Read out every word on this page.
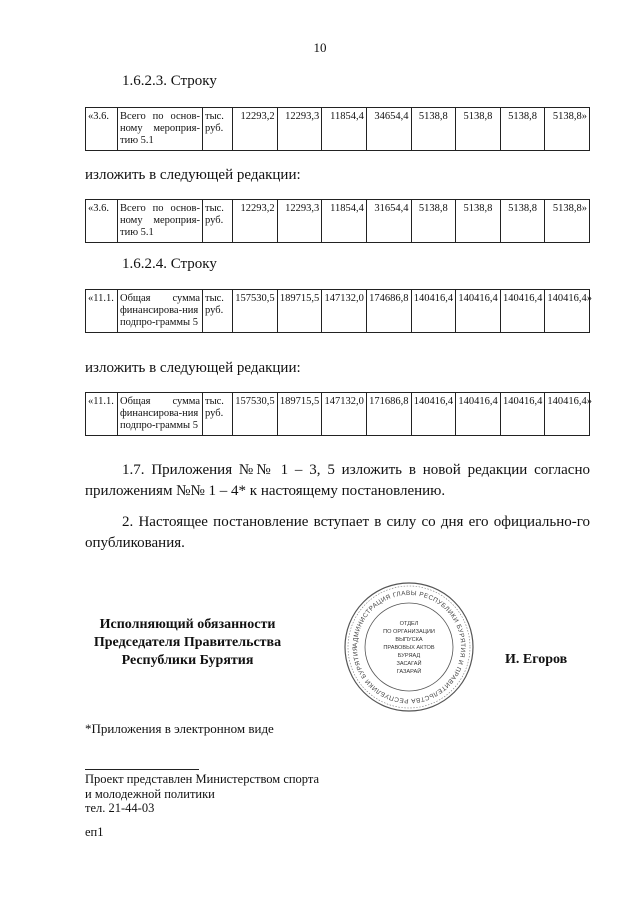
10
1.6.2.3. Строку
«3.6.	Всего по основ-ному мероприя-тию 5.1	тыс. руб.	12293,2	12293,3	11854,4	34654,4	5138,8	5138,8	5138,8	5138,8»
изложить в следующей редакции:
«3.6.	Всего по основ-ному мероприя-тию 5.1	тыс. руб.	12293,2	12293,3	11854,4	31654,4	5138,8	5138,8	5138,8	5138,8»
1.6.2.4. Строку
«11.1.	Общая сумма финансирова-ния подпро-граммы 5	тыс. руб.	157530,5	189715,5	147132,0	174686,8	140416,4	140416,4	140416,4	140416,4»
изложить в следующей редакции:
«11.1.	Общая сумма финансирова-ния подпро-граммы 5	тыс. руб.	157530,5	189715,5	147132,0	171686,8	140416,4	140416,4	140416,4	140416,4»
1.7. Приложения №№ 1 – 3, 5 изложить в новой редакции согласно приложениям №№ 1 – 4* к настоящему постановлению.
2. Настоящее постановление вступает в силу со дня его официально-го опубликования.
Исполняющий обязанности
Председателя Правительства
Республики Бурятия
АДМИНИСТРАЦИЯ ГЛАВЫ РЕСПУБЛИКИ БУРЯТИЯ И ПРАВИТЕЛЬСТВА РЕСПУБЛИКИ БУРЯТИЯ
ОТДЕЛ
ПО ОРГАНИЗАЦИИ
ВЫПУСКА
ПРАВОВЫХ АКТОВ
БУРЯАД
ЗАСАГАЙ
ГАЗАРАЙ
И. Егоров
*Приложения в электронном виде
Проект представлен Министерством спорта
и молодежной политики
тел. 21-44-03
еп1
